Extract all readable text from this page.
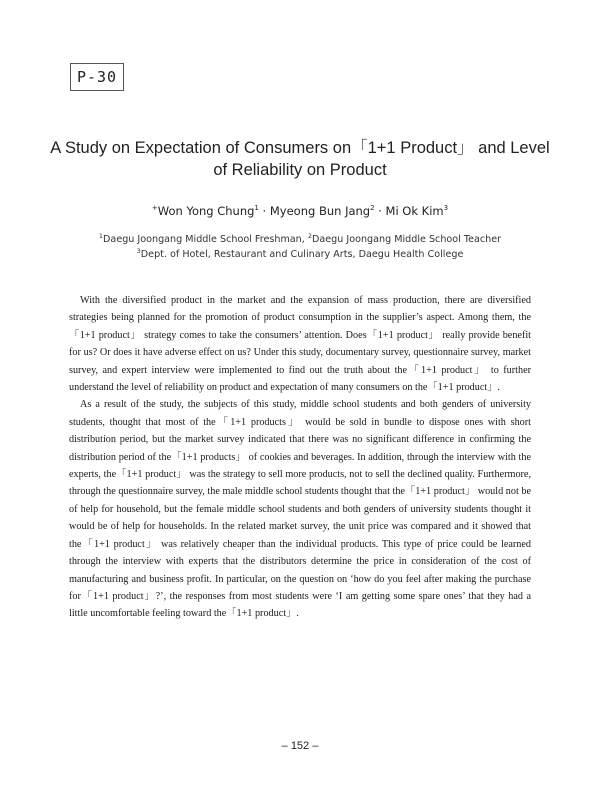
P-30
A Study on Expectation of Consumers on「1+1 Product」 and Level
of Reliability on Product
+Won Yong Chung$^1$ · Myeong Bun Jang$^2$ · Mi Ok Kim$^3$
$^1$Daegu Joongang Middle School Freshman, $^2$Daegu Joongang Middle School Teacher
$^3$Dept. of Hotel, Restaurant and Culinary Arts, Daegu Health College

With the diversified product in the market and the expansion of mass production, there are diversified strategies being planned for the promotion of product consumption in the supplier’s aspect. Among them, the「1+1 product」 strategy comes to take the consumers’ attention. Does「1+1 product」 really provide benefit for us? Or does it have adverse effect on us? Under this study, documentary survey, questionnaire survey, market survey, and expert interview were implemented to find out the truth about the「1+1 product」 to further understand the level of reliability on product and expectation of many consumers on the「1+1 product」.

As a result of the study, the subjects of this study, middle school students and both genders of university students, thought that most of the「1+1 products」 would be sold in bundle to dispose ones with short distribution period, but the market survey indicated that there was no significant difference in confirming the distribution period of the「1+1 products」 of cookies and beverages. In addition, through the interview with the experts, the「1+1 product」 was the strategy to sell more products, not to sell the declined quality. Furthermore, through the questionnaire survey, the male middle school students thought that the「1+1 product」 would not be of help for household, but the female middle school students and both genders of university students thought it would be of help for households. In the related market survey, the unit price was compared and it showed that the「1+1 product」 was relatively cheaper than the individual products. This type of price could be learned through the interview with experts that the distributors determine the price in consideration of the cost of manufacturing and business profit. In particular, on the question on ‘how do you feel after making the purchase for「1+1 product」?’, the responses from most students were ‘I am getting some spare ones’ that they had a little uncomfortable feeling toward the「1+1 product」.

– 152 –
